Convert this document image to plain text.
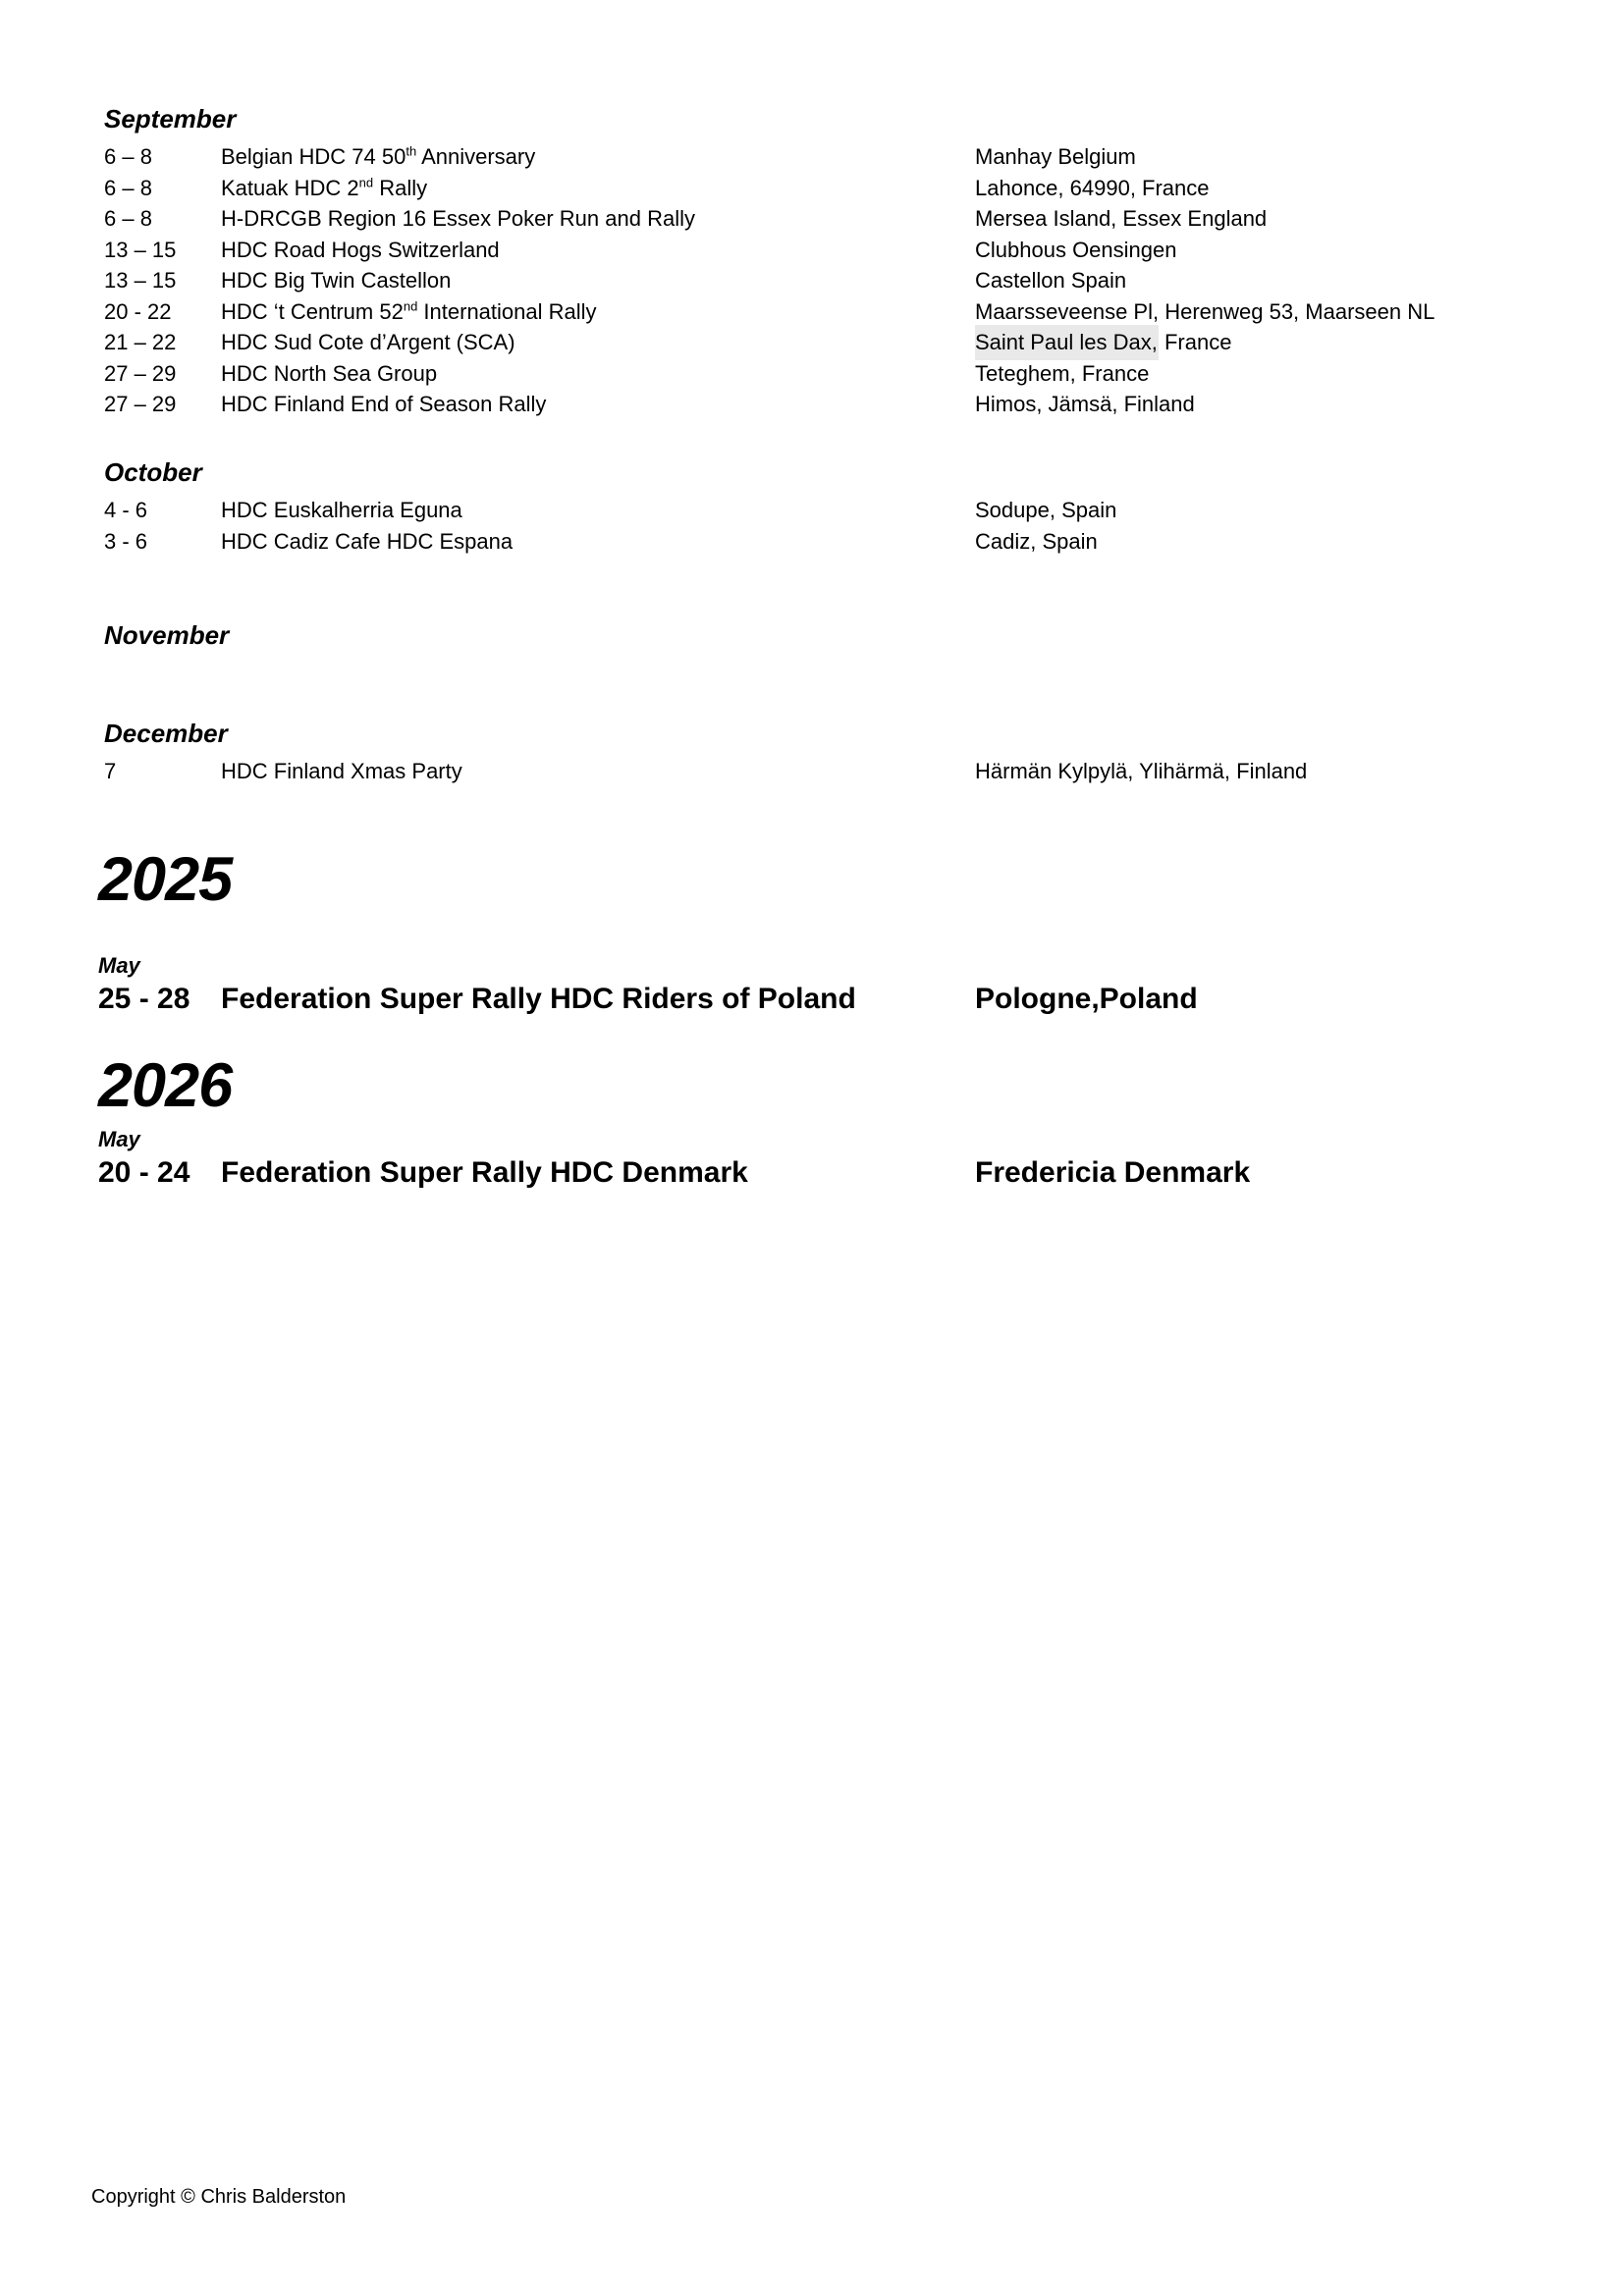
September
6 – 8	Belgian HDC 74 50th Anniversary	Manhay Belgium
6 – 8	Katuak HDC 2nd Rally	Lahonce, 64990, France
6 – 8	H-DRCGB Region 16 Essex Poker Run and Rally	Mersea Island, Essex England
13 – 15	HDC Road Hogs Switzerland	Clubhous Oensingen
13 – 15	HDC Big Twin Castellon	Castellon Spain
20 - 22	HDC ‘t Centrum 52nd International Rally	Maarsseveense Pl, Herenweg 53, Maarseen NL
21 – 22	HDC Sud Cote d’Argent (SCA)	Saint Paul les Dax, France
27 – 29	HDC North Sea Group	Teteghem, France
27 – 29	HDC Finland End of Season Rally	Himos, Jämsä, Finland
October
4 - 6	HDC Euskalherria Eguna	Sodupe, Spain
3 - 6	HDC Cadiz Cafe HDC Espana	Cadiz, Spain
November
December
7	HDC Finland Xmas Party	Härmän Kylpylä, Ylihärmä, Finland
2025
May
25 - 28	Federation Super Rally HDC Riders of Poland	Pologne,Poland
2026
May
20 - 24	Federation Super Rally HDC Denmark	Fredericia Denmark
Copyright © Chris Balderston
